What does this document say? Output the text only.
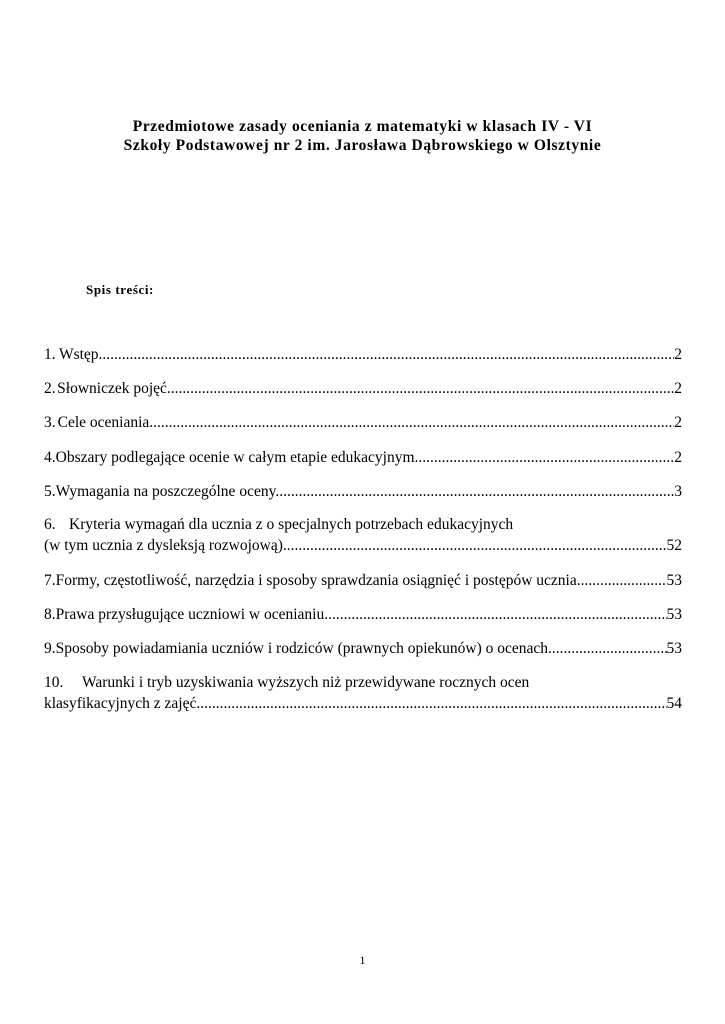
Przedmiotowe zasady oceniania z matematyki w klasach IV - VI
Szkoły Podstawowej nr 2 im. Jarosława Dąbrowskiego w Olsztynie
Spis treści:
1. Wstęp. .....	2
2. Słowniczek pojęć. .....	2
3. Cele oceniania. .....	2
4. Obszary podlegające ocenie w całym etapie edukacyjnym. .....	2
5. Wymagania na poszczególne oceny. .....	3
6. Kryteria wymagań dla ucznia z o specjalnych potrzebach edukacyjnych
(w tym ucznia z dysleksją rozwojową) .....	52
7. Formy, częstotliwość, narzędzia i sposoby sprawdzania osiągnięć i postępów ucznia. .....	53
8. Prawa przysługujące uczniowi w ocenianiu. .....	53
9. Sposoby powiadamiania uczniów i rodziców (prawnych opiekunów) o ocenach. .....	53
10.	Warunki i tryb uzyskiwania wyższych niż przewidywane rocznych ocen
klasyfikacyjnych z zajęć. .....	54
1
